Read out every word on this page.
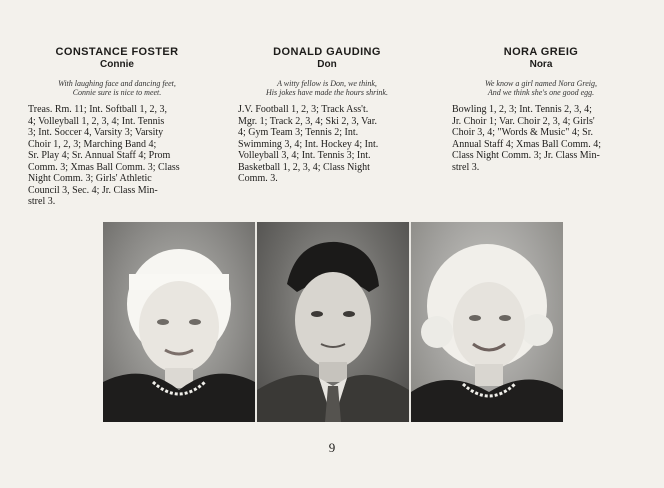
CONSTANCE FOSTER
Connie
With laughing face and dancing feet,
Connie sure is nice to meet.
Treas. Rm. 11; Int. Softball 1, 2, 3,
4; Volleyball 1, 2, 3, 4; Int. Tennis
3; Int. Soccer 4, Varsity 3; Varsity
Choir 1, 2, 3; Marching Band 4;
Sr. Play 4; Sr. Annual Staff 4; Prom
Comm. 3; Xmas Ball Comm. 3; Class
Night Comm. 3; Girls' Athletic
Council 3, Sec. 4; Jr. Class Min-
strel 3.
DONALD GAUDING
Don
A witty fellow is Don, we think,
His jokes have made the hours shrink.
J.V. Football 1, 2, 3; Track Ass't.
Mgr. 1; Track 2, 3, 4; Ski 2, 3, Var.
4; Gym Team 3; Tennis 2; Int.
Swimming 3, 4; Int. Hockey 4; Int.
Volleyball 3, 4; Int. Tennis 3; Int.
Basketball 1, 2, 3, 4; Class Night
Comm. 3.
NORA GREIG
Nora
We know a girl named Nora Greig,
And we think she's one good egg.
Bowling 1, 2, 3; Int. Tennis 2, 3, 4;
Jr. Choir 1; Var. Choir 2, 3, 4; Girls'
Choir 3, 4; "Words & Music" 4; Sr.
Annual Staff 4; Xmas Ball Comm. 4;
Class Night Comm. 3; Jr. Class Min-
strel 3.
9
